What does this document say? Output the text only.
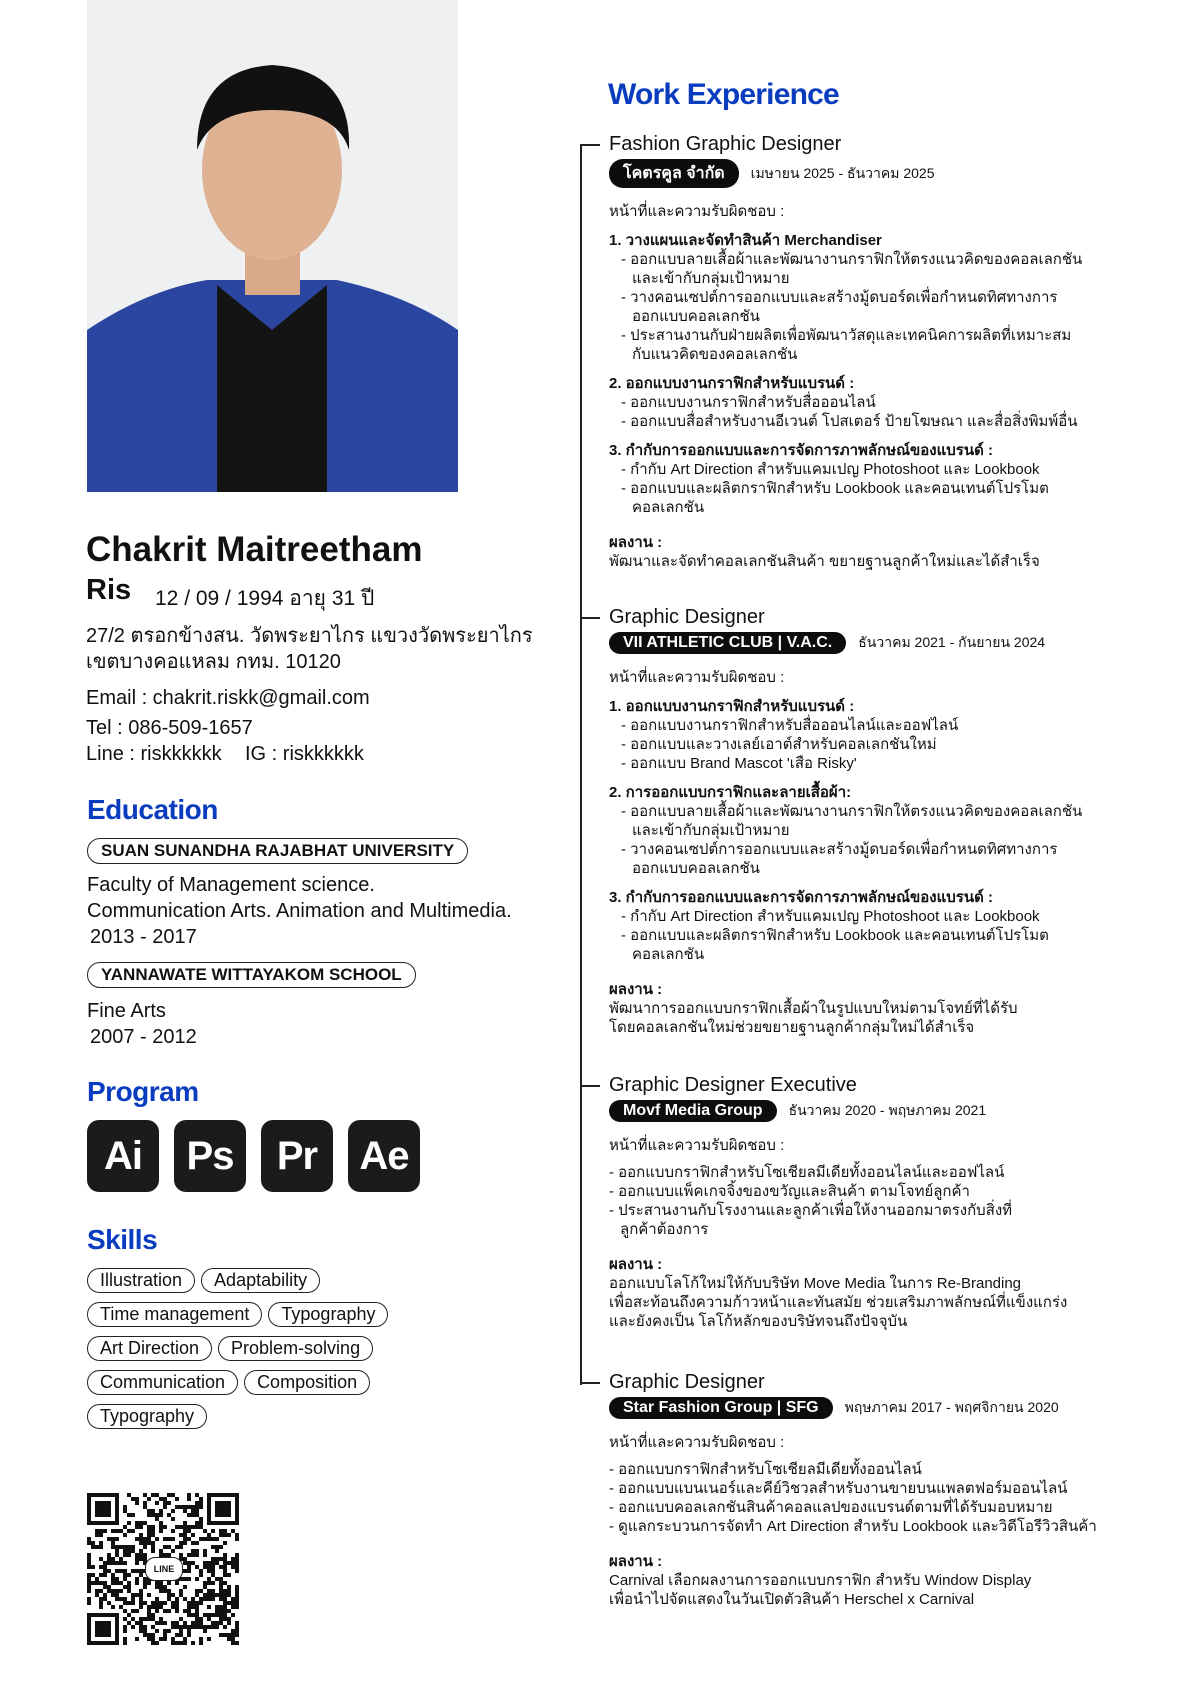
Chakrit Maitreetham
Ris 12 / 09 / 1994 อายุ 31 ปี
27/2 ตรอกข้างสน. วัดพระยาไกร แขวงวัดพระยาไกร
เขตบางคอแหลม กทม. 10120
Email : chakrit.riskk@gmail.com
Tel : 086-509-1657
Line : riskkkkkk IG : riskkkkkk
Education
SUAN SUNANDHA RAJABHAT UNIVERSITY
Faculty of Management science.
Communication Arts. Animation and Multimedia.
2013 - 2017
YANNAWATE WITTAYAKOM SCHOOL
Fine Arts
2007 - 2012
Program
Ai	Ps	Pr	Ae
Skills
Illustration Adaptability
Time management Typography
Art Direction Problem-solving
Communication Composition
Typography

LINE
Work Experience
Fashion Graphic Designer
โคตรคูล จำกัด	เมษายน 2025 - ธันวาคม 2025
หน้าที่และความรับผิดชอบ :
1. วางแผนและจัดทำสินค้า Merchandiser
- ออกแบบลายเสื้อผ้าและพัฒนางานกราฟิกให้ตรงแนวคิดของคอลเลกชัน
และเข้ากับกลุ่มเป้าหมาย
- วางคอนเซปต์การออกแบบและสร้างมู้ดบอร์ดเพื่อกำหนดทิศทางการ
ออกแบบคอลเลกชัน
- ประสานงานกับฝ่ายผลิตเพื่อพัฒนาวัสดุและเทคนิคการผลิตที่เหมาะสม
กับแนวคิดของคอลเลกชัน
2. ออกแบบงานกราฟิกสำหรับแบรนด์ :
- ออกแบบงานกราฟิกสำหรับสื่อออนไลน์
- ออกแบบสื่อสำหรับงานอีเวนต์ โปสเตอร์ ป้ายโฆษณา และสื่อสิ่งพิมพ์อื่น
3. กำกับการออกแบบและการจัดการภาพลักษณ์ของแบรนด์ :
- กำกับ Art Direction สำหรับแคมเปญ Photoshoot และ Lookbook
- ออกแบบและผลิตกราฟิกสำหรับ Lookbook และคอนเทนต์โปรโมต
คอลเลกชัน
ผลงาน :
พัฒนาและจัดทำคอลเลกชันสินค้า ขยายฐานลูกค้าใหม่และได้สำเร็จ
Graphic Designer
VII ATHLETIC CLUB | V.A.C.	ธันวาคม 2021 - กันยายน 2024
หน้าที่และความรับผิดชอบ :
1. ออกแบบงานกราฟิกสำหรับแบรนด์ :
- ออกแบบงานกราฟิกสำหรับสื่อออนไลน์และออฟไลน์
- ออกแบบและวางเลย์เอาต์สำหรับคอลเลกชันใหม่
- ออกแบบ Brand Mascot 'เสือ Risky'
2. การออกแบบกราฟิกและลายเสื้อผ้า:
- ออกแบบลายเสื้อผ้าและพัฒนางานกราฟิกให้ตรงแนวคิดของคอลเลกชัน
และเข้ากับกลุ่มเป้าหมาย
- วางคอนเซปต์การออกแบบและสร้างมู้ดบอร์ดเพื่อกำหนดทิศทางการ
ออกแบบคอลเลกชัน
3. กำกับการออกแบบและการจัดการภาพลักษณ์ของแบรนด์ :
- กำกับ Art Direction สำหรับแคมเปญ Photoshoot และ Lookbook
- ออกแบบและผลิตกราฟิกสำหรับ Lookbook และคอนเทนต์โปรโมต
คอลเลกชัน
ผลงาน :
พัฒนาการออกแบบกราฟิกเสื้อผ้าในรูปแบบใหม่ตามโจทย์ที่ได้รับ
โดยคอลเลกชันใหม่ช่วยขยายฐานลูกค้ากลุ่มใหม่ได้สำเร็จ
Graphic Designer Executive
Movf Media Group	ธันวาคม 2020 - พฤษภาคม 2021
หน้าที่และความรับผิดชอบ :
- ออกแบบกราฟิกสำหรับโซเชียลมีเดียทั้งออนไลน์และออฟไลน์
- ออกแบบแพ็คเกจจิ้งของขวัญและสินค้า ตามโจทย์ลูกค้า
- ประสานงานกับโรงงานและลูกค้าเพื่อให้งานออกมาตรงกับสิ่งที่
ลูกค้าต้องการ
ผลงาน :
ออกแบบโลโก้ใหม่ให้กับบริษัท Move Media ในการ Re-Branding
เพื่อสะท้อนถึงความก้าวหน้าและทันสมัย ช่วยเสริมภาพลักษณ์ที่แข็งแกร่ง
และยังคงเป็น โลโก้หลักของบริษัทจนถึงปัจจุบัน
Graphic Designer
Star Fashion Group | SFG	พฤษภาคม 2017 - พฤศจิกายน 2020
หน้าที่และความรับผิดชอบ :
- ออกแบบกราฟิกสำหรับโซเชียลมีเดียทั้งออนไลน์
- ออกแบบแบนเนอร์และคีย์วิชวลสำหรับงานขายบนแพลตฟอร์มออนไลน์
- ออกแบบคอลเลกชันสินค้าคอลแลปของแบรนด์ตามที่ได้รับมอบหมาย
- ดูแลกระบวนการจัดทำ Art Direction สำหรับ Lookbook และวิดีโอรีวิวสินค้า
ผลงาน :
Carnival เลือกผลงานการออกแบบกราฟิก สำหรับ Window Display
เพื่อนำไปจัดแสดงในวันเปิดตัวสินค้า Herschel x Carnival
